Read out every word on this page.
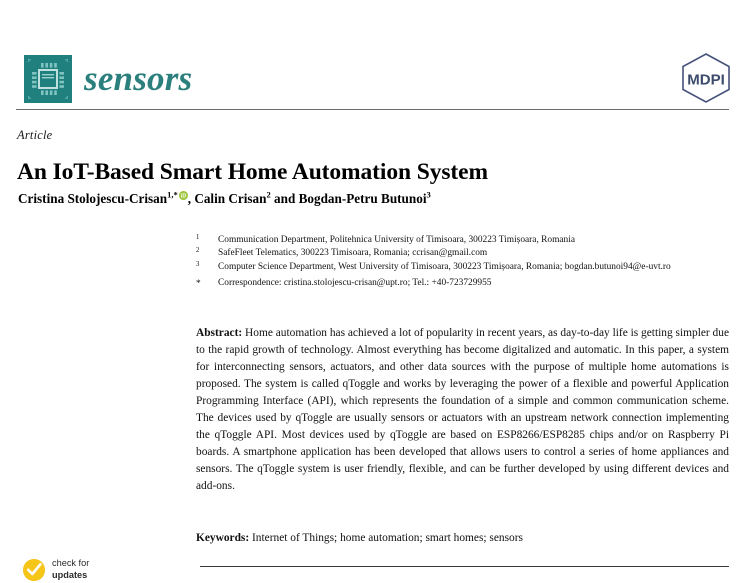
sensors	MDPI
Article
An IoT-Based Smart Home Automation System
Cristina Stolojescu-Crisan$^{1,*}$ iD , Calin Crisan$^2$ and Bogdan-Petru Butunoi$^3$
1	Communication Department, Politehnica University of Timisoara, 300223 Timișoara, Romania
2	SafeFleet Telematics, 300223 Timisoara, Romania; ccrisan@gmail.com
3	Computer Science Department, West University of Timisoara, 300223 Timișoara, Romania; bogdan.butunoi94@e-uvt.ro
*	Correspondence: cristina.stolojescu-crisan@upt.ro; Tel.: +40-723729955
Abstract: Home automation has achieved a lot of popularity in recent years, as day-to-day life is getting simpler due to the rapid growth of technology. Almost everything has become digitalized and automatic. In this paper, a system for interconnecting sensors, actuators, and other data sources with the purpose of multiple home automations is proposed. The system is called qToggle and works by leveraging the power of a flexible and powerful Application Programming Interface (API), which represents the foundation of a simple and common communication scheme. The devices used by qToggle are usually sensors or actuators with an upstream network connection implementing the qToggle API. Most devices used by qToggle are based on ESP8266/ESP8285 chips and/or on Raspberry Pi boards. A smartphone application has been developed that allows users to control a series of home appliances and sensors. The qToggle system is user friendly, flexible, and can be further developed by using different devices and add-ons.
Keywords: Internet of Things; home automation; smart homes; sensors
check for
updates
